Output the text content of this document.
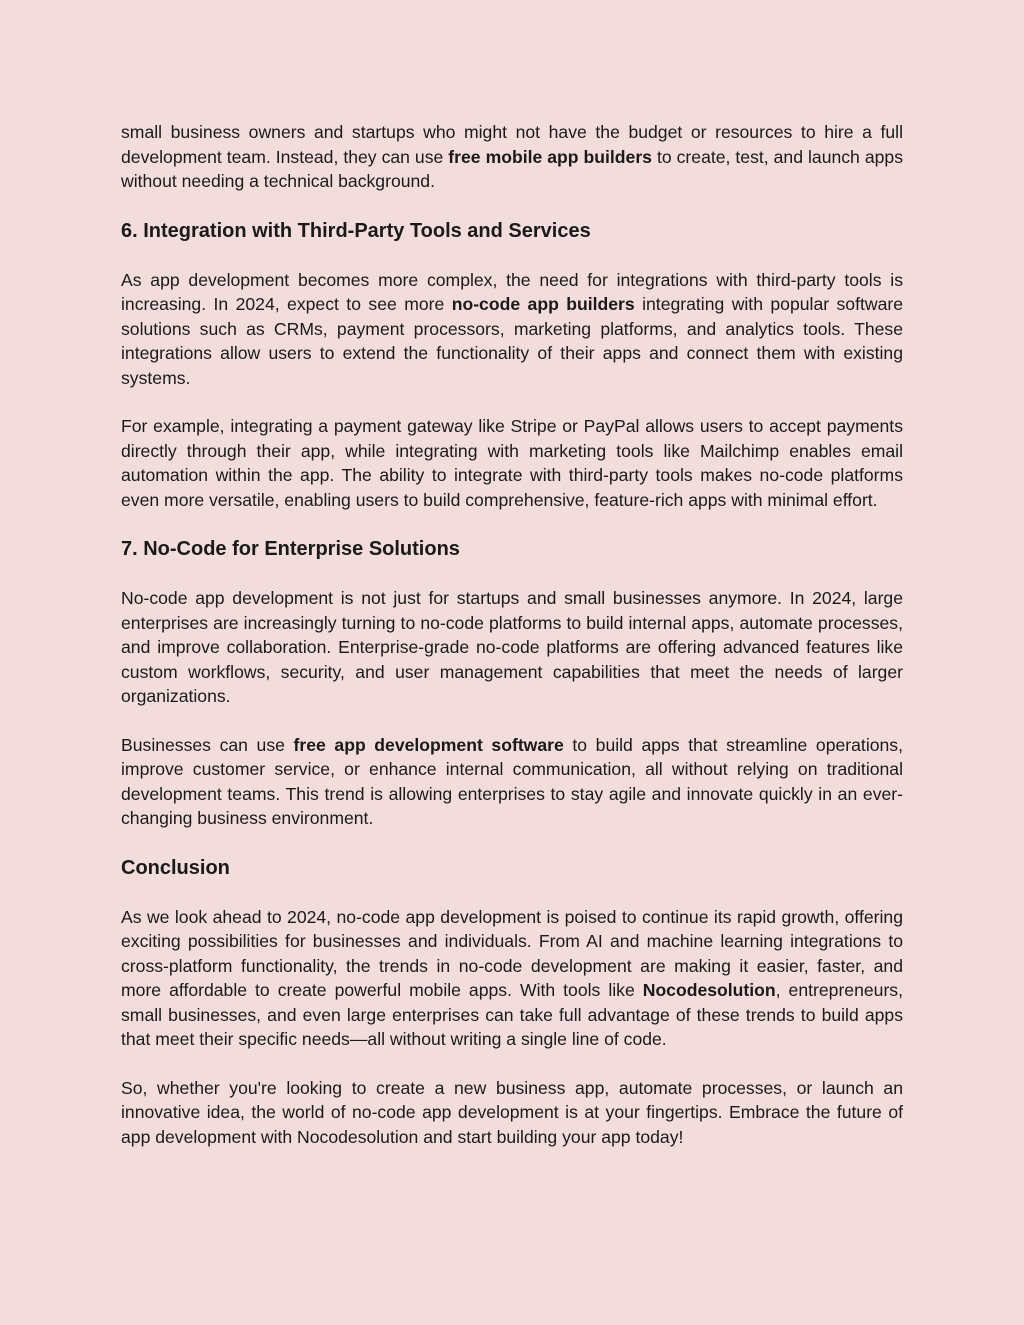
small business owners and startups who might not have the budget or resources to hire a full development team. Instead, they can use free mobile app builders to create, test, and launch apps without needing a technical background.

6. Integration with Third-Party Tools and Services

As app development becomes more complex, the need for integrations with third-party tools is increasing. In 2024, expect to see more no-code app builders integrating with popular software solutions such as CRMs, payment processors, marketing platforms, and analytics tools. These integrations allow users to extend the functionality of their apps and connect them with existing systems.

For example, integrating a payment gateway like Stripe or PayPal allows users to accept payments directly through their app, while integrating with marketing tools like Mailchimp enables email automation within the app. The ability to integrate with third-party tools makes no-code platforms even more versatile, enabling users to build comprehensive, feature-rich apps with minimal effort.

7. No-Code for Enterprise Solutions

No-code app development is not just for startups and small businesses anymore. In 2024, large enterprises are increasingly turning to no-code platforms to build internal apps, automate processes, and improve collaboration. Enterprise-grade no-code platforms are offering advanced features like custom workflows, security, and user management capabilities that meet the needs of larger organizations.

Businesses can use free app development software to build apps that streamline operations, improve customer service, or enhance internal communication, all without relying on traditional development teams. This trend is allowing enterprises to stay agile and innovate quickly in an ever-changing business environment.

Conclusion

As we look ahead to 2024, no-code app development is poised to continue its rapid growth, offering exciting possibilities for businesses and individuals. From AI and machine learning integrations to cross-platform functionality, the trends in no-code development are making it easier, faster, and more affordable to create powerful mobile apps. With tools like Nocodesolution, entrepreneurs, small businesses, and even large enterprises can take full advantage of these trends to build apps that meet their specific needs—all without writing a single line of code.

So, whether you're looking to create a new business app, automate processes, or launch an innovative idea, the world of no-code app development is at your fingertips. Embrace the future of app development with Nocodesolution and start building your app today!
